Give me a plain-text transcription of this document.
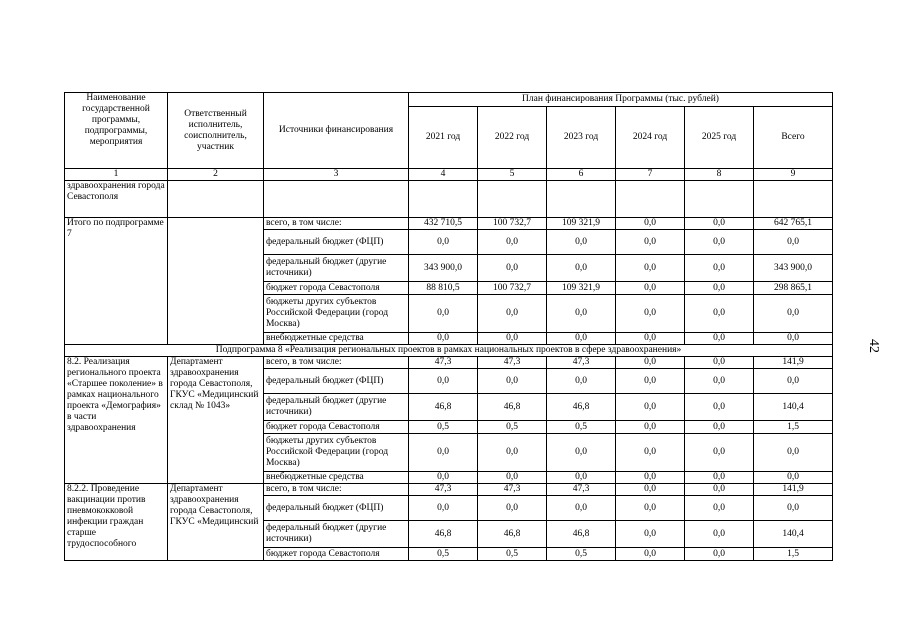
Наименование государственной программы, подпрограммы, мероприятия	Ответственный исполнитель, соисполнитель, участник	Источники финансирования	План финансирования Программы (тыс. рублей)					
			2021 год	2022 год	2023 год	2024 год	2025 год	Всего
1	2	3	4	5	6	7	8	9
здравоохранения города Севастополя								
Итого по подпрограмме 7		всего, в том числе:	432 710,5	100 732,7	109 321,9	0,0	0,0	642 765,1
		федеральный бюджет (ФЦП)	0,0	0,0	0,0	0,0	0,0	0,0
		федеральный бюджет (другие источники)	343 900,0	0,0	0,0	0,0	0,0	343 900,0
		бюджет города Севастополя	88 810,5	100 732,7	109 321,9	0,0	0,0	298 865,1
		бюджеты других субъектов Российской Федерации (город Москва)	0,0	0,0	0,0	0,0	0,0	0,0
		внебюджетные средства	0,0	0,0	0,0	0,0	0,0	0,0
Подпрограмма 8 «Реализация региональных проектов в рамках национальных проектов в сфере здравоохранения»								
8.2. Реализация регионального проекта «Старшее поколение» в рамках национального проекта «Демография» в части здравоохранения	Департамент здравоохранения города Севастополя, ГКУС «Медицинский склад № 1043»	всего, в том числе:	47,3	47,3	47,3	0,0	0,0	141,9
		федеральный бюджет (ФЦП)	0,0	0,0	0,0	0,0	0,0	0,0
		федеральный бюджет (другие источники)	46,8	46,8	46,8	0,0	0,0	140,4
		бюджет города Севастополя	0,5	0,5	0,5	0,0	0,0	1,5
		бюджеты других субъектов Российской Федерации (город Москва)	0,0	0,0	0,0	0,0	0,0	0,0
		внебюджетные средства	0,0	0,0	0,0	0,0	0,0	0,0
8.2.2. Проведение вакцинации против пневмококковой инфекции граждан старше трудоспособного	Департамент здравоохранения города Севастополя, ГКУС «Медицинский	всего, в том числе:	47,3	47,3	47,3	0,0	0,0	141,9
		федеральный бюджет (ФЦП)	0,0	0,0	0,0	0,0	0,0	0,0
		федеральный бюджет (другие источники)	46,8	46,8	46,8	0,0	0,0	140,4
		бюджет города Севастополя	0,5	0,5	0,5	0,0	0,0	1,5
42
